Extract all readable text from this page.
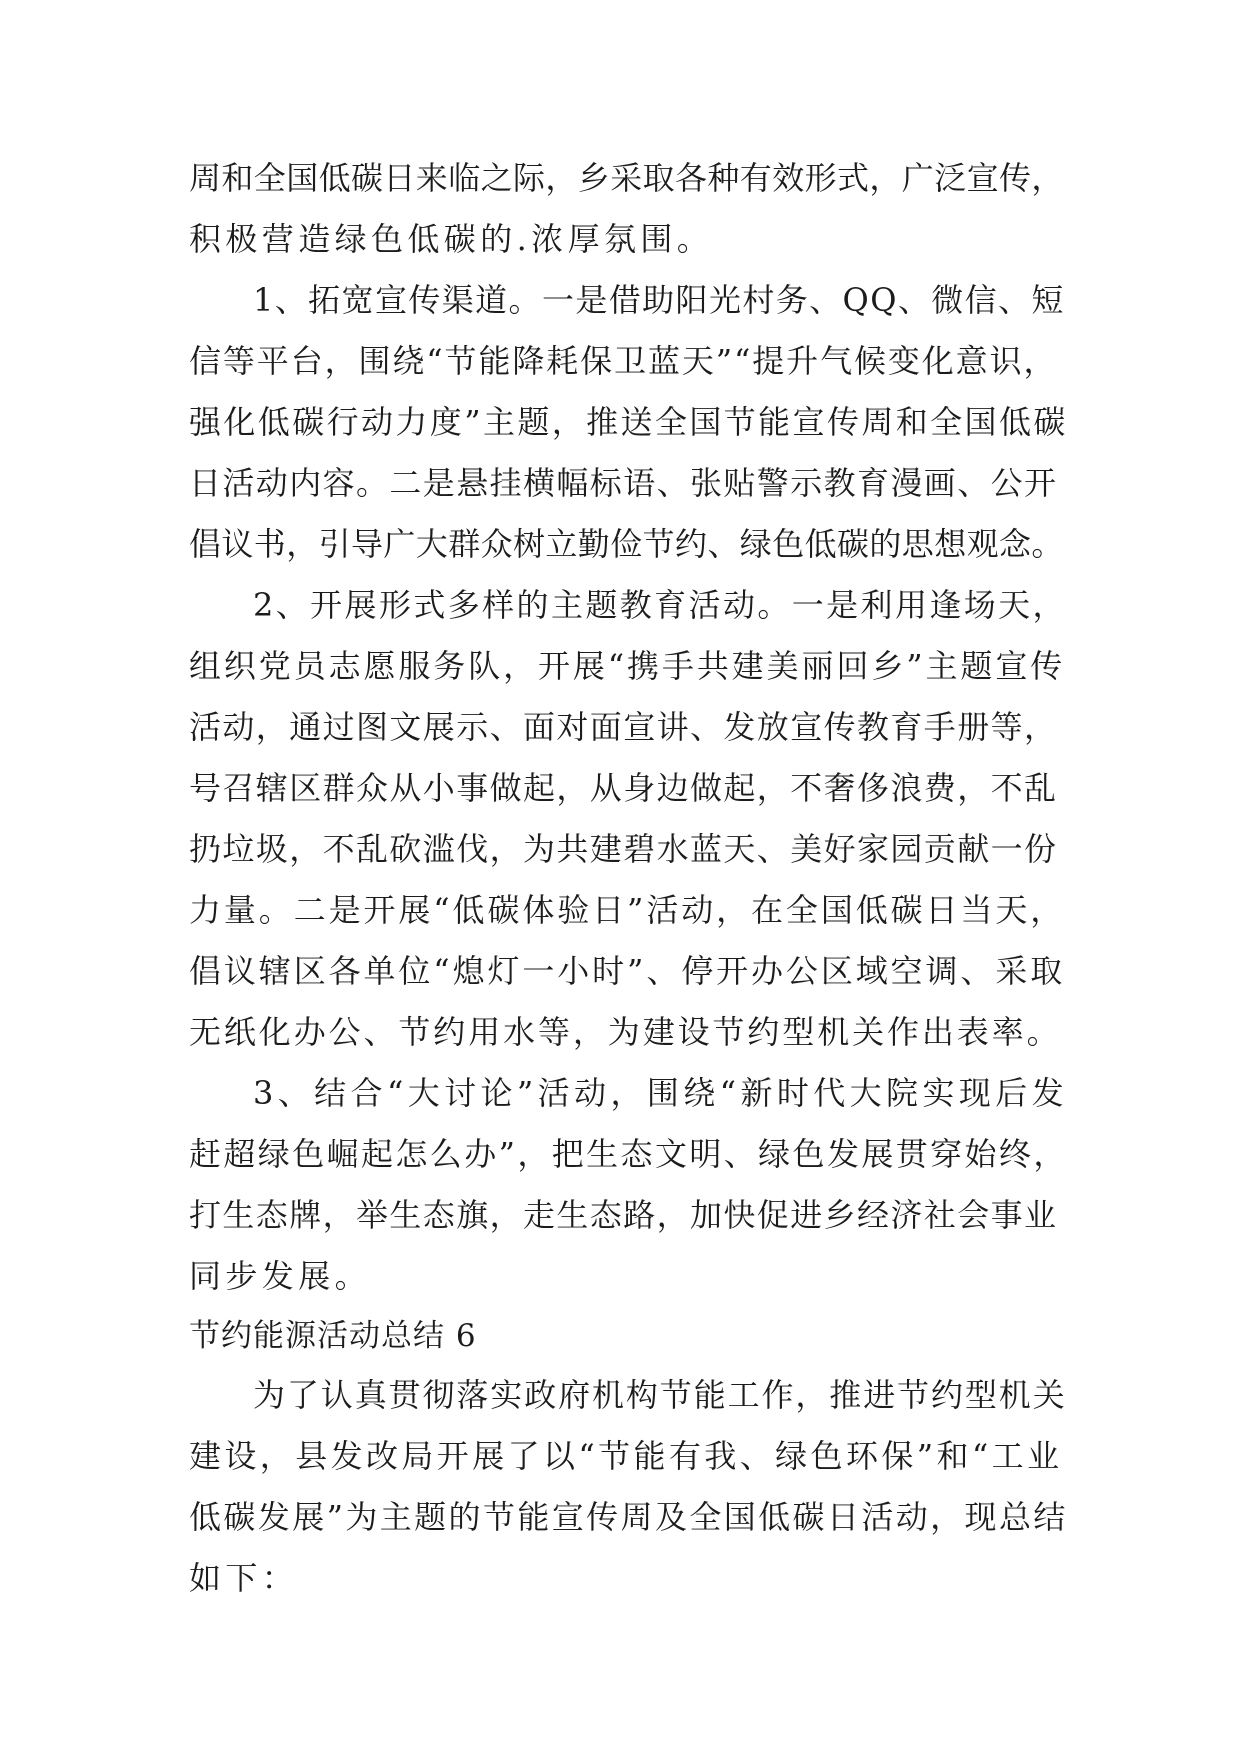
周和全国低碳日来临之际，乡采取各种有效形式，广泛宣传，
积极营造绿色低碳的.浓厚氛围。
1、拓宽宣传渠道。一是借助阳光村务、QQ、微信、短
信等平台，围绕“节能降耗保卫蓝天”“提升气候变化意识，
强化低碳行动力度”主题，推送全国节能宣传周和全国低碳
日活动内容。二是悬挂横幅标语、张贴警示教育漫画、公开
倡议书，引导广大群众树立勤俭节约、绿色低碳的思想观念。
2、开展形式多样的主题教育活动。一是利用逢场天，
组织党员志愿服务队，开展“携手共建美丽回乡”主题宣传
活动，通过图文展示、面对面宣讲、发放宣传教育手册等，
号召辖区群众从小事做起，从身边做起，不奢侈浪费，不乱
扔垃圾，不乱砍滥伐，为共建碧水蓝天、美好家园贡献一份
力量。二是开展“低碳体验日”活动，在全国低碳日当天，
倡议辖区各单位“熄灯一小时”、停开办公区域空调、采取
无纸化办公、节约用水等，为建设节约型机关作出表率。
3、结合“大讨论”活动，围绕“新时代大院实现后发
赶超绿色崛起怎么办”，把生态文明、绿色发展贯穿始终，
打生态牌，举生态旗，走生态路，加快促进乡经济社会事业
同步发展。
节约能源活动总结 6
为了认真贯彻落实政府机构节能工作，推进节约型机关
建设，县发改局开展了以“节能有我、绿色环保”和“工业
低碳发展”为主题的节能宣传周及全国低碳日活动，现总结
如下：
